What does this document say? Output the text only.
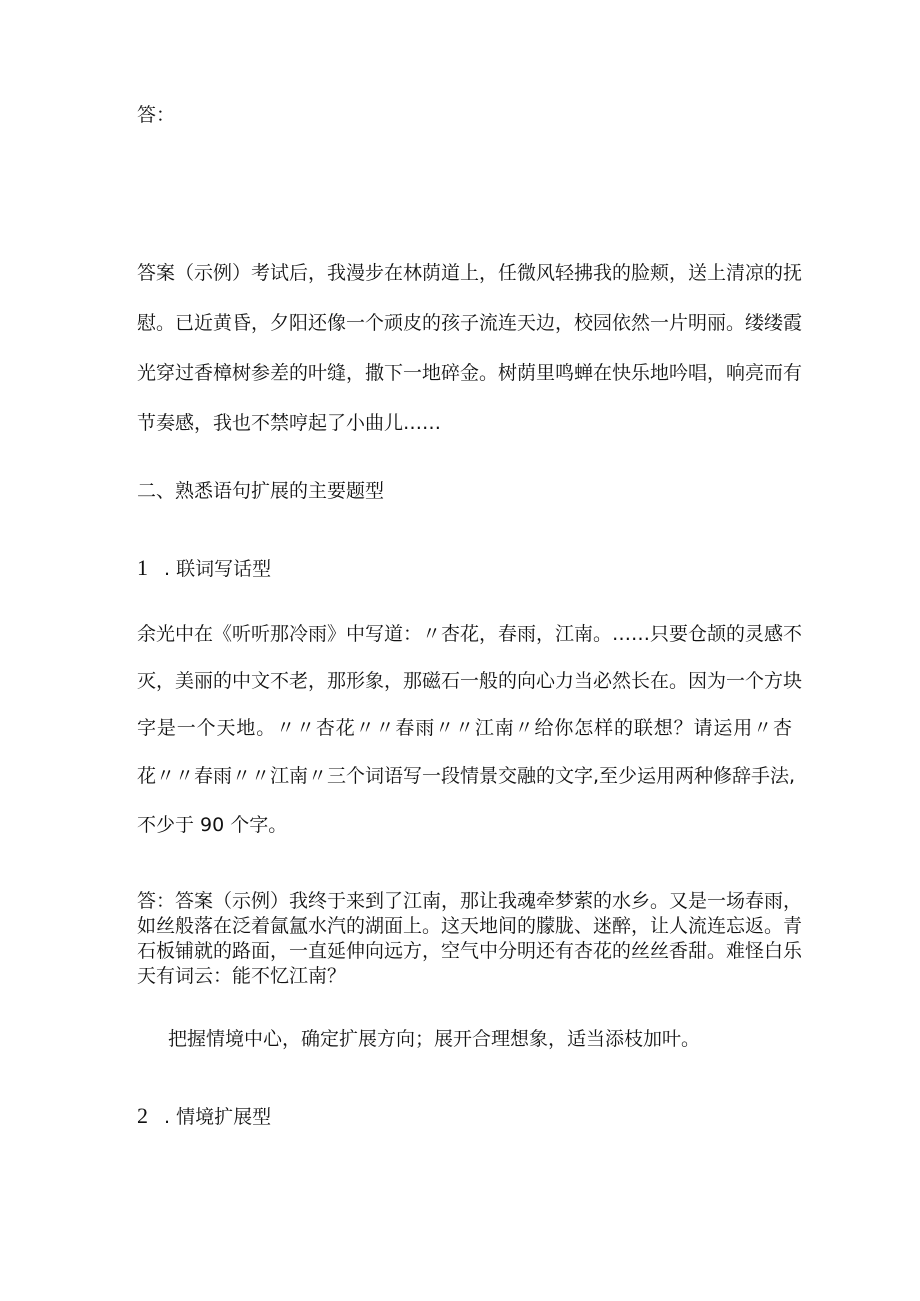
答：
答案（示例）考试后，我漫步在林荫道上，任微风轻拂我的脸颊，送上清凉的抚
慰。已近黄昏，夕阳还像一个顽皮的孩子流连天边，校园依然一片明丽。缕缕霞
光穿过香樟树参差的叶缝，撒下一地碎金。树荫里鸣蝉在快乐地吟唱，响亮而有
节奏感，我也不禁哼起了小曲儿……
二、熟悉语句扩展的主要题型
1 . 联词写话型
余光中在《听听那冷雨》中写道：〃杏花，春雨，江南。……只要仓颉的灵感不
灭，美丽的中文不老，那形象，那磁石一般的向心力当必然长在。因为一个方块
字是一个天地。〃〃杏花〃〃春雨〃〃江南〃给你怎样的联想？请运用〃杏
花〃〃春雨〃〃江南〃三个词语写一段情景交融的文字,至少运用两种修辞手法,
不少于 90 个字。
答：答案（示例）我终于来到了江南，那让我魂牵梦萦的水乡。又是一场春雨，
如丝般落在泛着氤氲水汽的湖面上。这天地间的朦胧、迷醉，让人流连忘返。青
石板铺就的路面，一直延伸向远方，空气中分明还有杏花的丝丝香甜。难怪白乐
天有词云：能不忆江南？
把握情境中心，确定扩展方向；展开合理想象，适当添枝加叶。
2 . 情境扩展型
